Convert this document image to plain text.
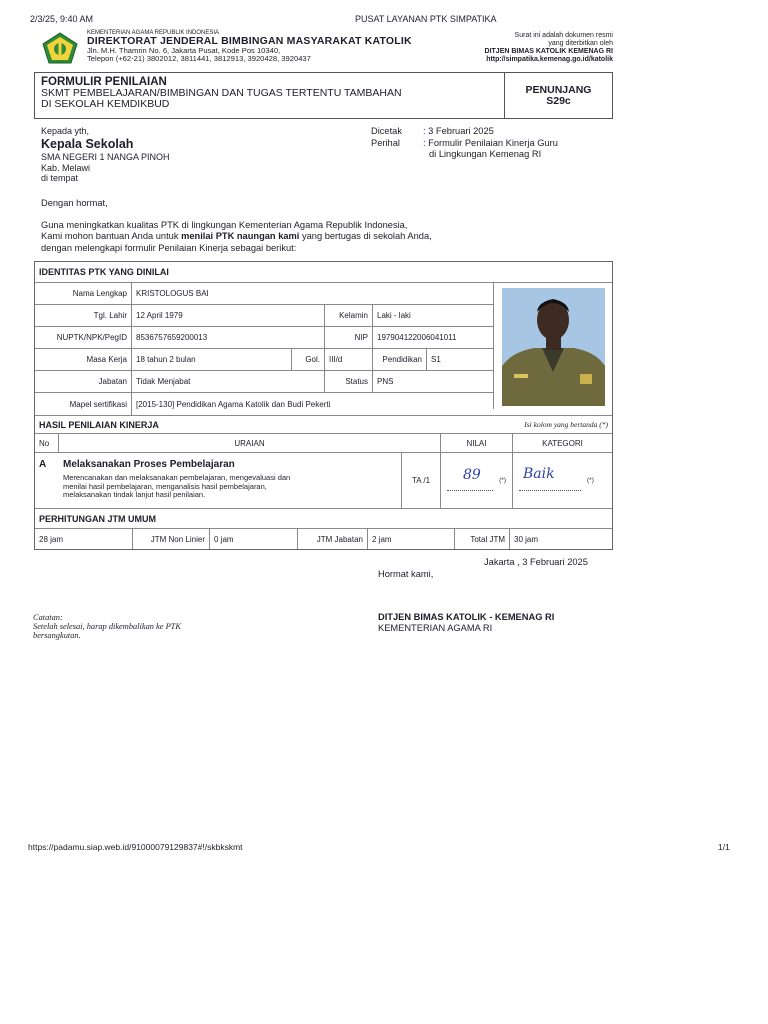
2/3/25, 9:40 AM	PUSAT LAYANAN PTK SIMPATIKA
KEMENTERIAN AGAMA REPUBLIK INDONESIA
DIREKTORAT JENDERAL BIMBINGAN MASYARAKAT KATOLIK
Jln. M.H. Thamrin No. 6, Jakarta Pusat, Kode Pos 10340,
Telepon (+62-21) 3802012, 3811441, 3812913, 3920428, 3920437
Surat ini adalah dokumen resmi
yang diterbitkan oleh
DITJEN BIMAS KATOLIK KEMENAG RI
http://simpatika.kemenag.go.id/katolik
FORMULIR PENILAIAN
SKMT PEMBELAJARAN/BIMBINGAN DAN TUGAS TERTENTU TAMBAHAN
DI SEKOLAH KEMDIKBUD
PENUNJANG
S29c
Kepada yth,
Kepala Sekolah
SMA NEGERI 1 NANGA PINOH
Kab. Melawi
di tempat
Dicetak	: 3 Februari 2025
Perihal	: Formulir Penilaian Kinerja Guru
di Lingkungan Kemenag RI
Dengan hormat,
Guna meningkatkan kualitas PTK di lingkungan Kementerian Agama Republik Indonesia,
Kami mohon bantuan Anda untuk menilai PTK naungan kami yang bertugas di sekolah Anda,
dengan melengkapi formulir Penilaian Kinerja sebagai berikut:
IDENTITAS PTK YANG DINILAI
Nama Lengkap	KRISTOLOGUS BAI
Tgl. Lahir	12 April 1979	Kelamin	Laki - laki
NUPTK/NPK/PegID	8536757659200013	NIP	197904122006041011
Masa Kerja	18 tahun 2 bulan	Gol.	III/d	Pendidikan	S1
Jabatan	Tidak Menjabat	Status	PNS
Mapel sertifikasi	[2015-130] Pendidikan Agama Katolik dan Budi Pekerti
HASIL PENILAIAN KINERJA	Isi kolom yang bertanda (*)
No	URAIAN	NILAI	KATEGORI
A	Melaksanakan Proses Pembelajaran
Merencanakan dan melaksanakan pembelajaran, mengevaluasi dan
menilai hasil pembelajaran, menganalisis hasil pembelajaran,
melaksanakan tindak lanjut hasil penilaian.
TA /1	89	(*) Baik	(*)
PERHITUNGAN JTM UMUM
28 jam	JTM Non Linier	0 jam	JTM Jabatan	2 jam	Total JTM	30 jam
Jakarta , 3 Februari 2025
Hormat kami,
Catatan:
Setelah selesai, harap dikembalikan ke PTK
bersangkutan.
DITJEN BIMAS KATOLIK - KEMENAG RI
KEMENTERIAN AGAMA RI
https://padamu.siap.web.id/9100007912983​7#!/skbkskmt	1/1
